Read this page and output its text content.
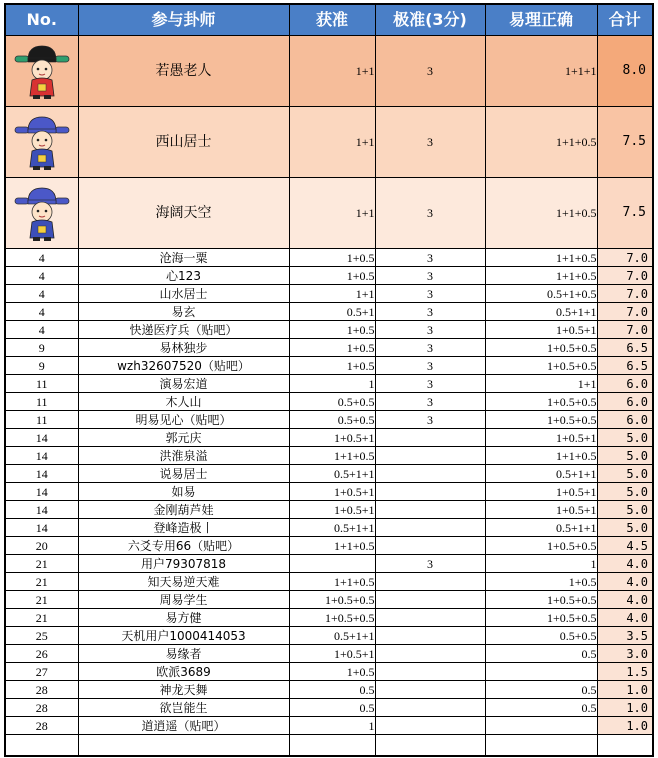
No.	参与卦师	获准	极准(3分)	易理正确	合计

	若愚老人	1+1	3	1+1+1	8.0

	西山居士	1+1	3	1+1+0.5	7.5

	海阔天空	1+1	3	1+1+0.5	7.5
4	沧海一粟	1+0.5	3	1+1+0.5	7.0
4	心123	1+0.5	3	1+1+0.5	7.0
4	山水居士	1+1	3	0.5+1+0.5	7.0
4	易玄	0.5+1	3	0.5+1+1	7.0
4	快递医疗兵（贴吧）	1+0.5	3	1+0.5+1	7.0
9	易林独步	1+0.5	3	1+0.5+0.5	6.5
9	wzh32607520（贴吧）	1+0.5	3	1+0.5+0.5	6.5
11	演易宏道	1	3	1+1	6.0
11	木人山	0.5+0.5	3	1+0.5+0.5	6.0
11	明易见心（贴吧）	0.5+0.5	3	1+0.5+0.5	6.0
14	郭元庆	1+0.5+1		1+0.5+1	5.0
14	洪淮泉溢	1+1+0.5		1+1+0.5	5.0
14	说易居士	0.5+1+1		0.5+1+1	5.0
14	如易	1+0.5+1		1+0.5+1	5.0
14	金刚葫芦娃	1+0.5+1		1+0.5+1	5.0
14	登峰造极丨	0.5+1+1		0.5+1+1	5.0
20	六爻专用66（贴吧）	1+1+0.5		1+0.5+0.5	4.5
21	用户79307818		3	1	4.0
21	知天易逆天难	1+1+0.5		1+0.5	4.0
21	周易学生	1+0.5+0.5		1+0.5+0.5	4.0
21	易方健	1+0.5+0.5		1+0.5+0.5	4.0
25	天机用户1000414053	0.5+1+1		0.5+0.5	3.5
26	易缘者	1+0.5+1		0.5	3.0
27	欧派3689	1+0.5			1.5
28	神龙天舞	0.5		0.5	1.0
28	欲岂能生	0.5		0.5	1.0
28	道逍遥（贴吧）	1			1.0
